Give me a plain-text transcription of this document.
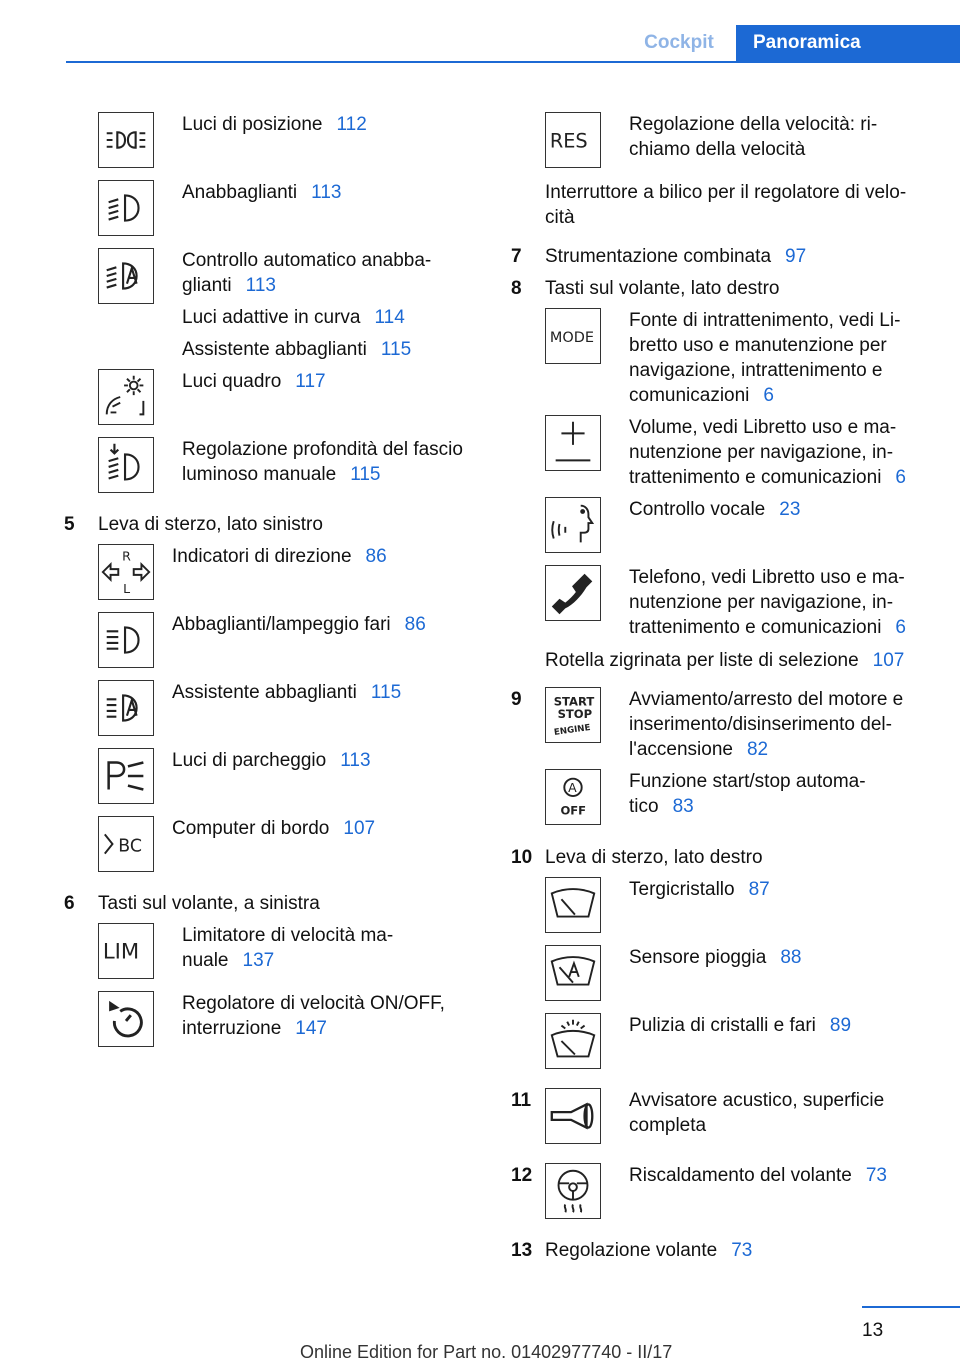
Cockpit	Panoramica
Luci di posizione 112
Anabbaglianti 113
Controllo automatico anabba-
glianti 113
Luci adattive in curva 114
Assistente abbaglianti 115
Luci quadro 117
Regolazione profondità del fascio
luminoso manuale 115
5 Leva di sterzo, lato sinistro
R
L
Indicatori di direzione 86
Abbaglianti/lampeggio fari 86
Assistente abbaglianti 115
Luci di parcheggio 113
BC
Computer di bordo 107
6 Tasti sul volante, a sinistra
LIM
Limitatore di velocità ma-
nuale 137
Regolatore di velocità ON/OFF,
interruzione 147
RES
Regolazione della velocità: ri-
chiamo della velocità
Interruttore a bilico per il regolatore di velo-
cità
7 Strumentazione combinata 97
8 Tasti sul volante, lato destro
MODE
Fonte di intrattenimento, vedi Li-
bretto uso e manutenzione per
navigazione, intrattenimento e
comunicazioni 6
Volume, vedi Libretto uso e ma-
nutenzione per navigazione, in-
trattenimento e comunicazioni 6
Controllo vocale 23
Telefono, vedi Libretto uso e ma-
nutenzione per navigazione, in-
trattenimento e comunicazioni 6
Rotella zigrinata per liste di selezione 107
9	START
STOP
ENGINE
Avviamento/arresto del motore e
inserimento/disinserimento del-
l'accensione 82
A
OFF
Funzione start/stop automa-
tico 83
10 Leva di sterzo, lato destro
Tergicristallo 87
Sensore pioggia 88
Pulizia di cristalli e fari 89
11	Avvisatore acustico, superficie
completa
12	Riscaldamento del volante 73
13 Regolazione volante 73
13
Online Edition for Part no. 01402977740 - II/17
